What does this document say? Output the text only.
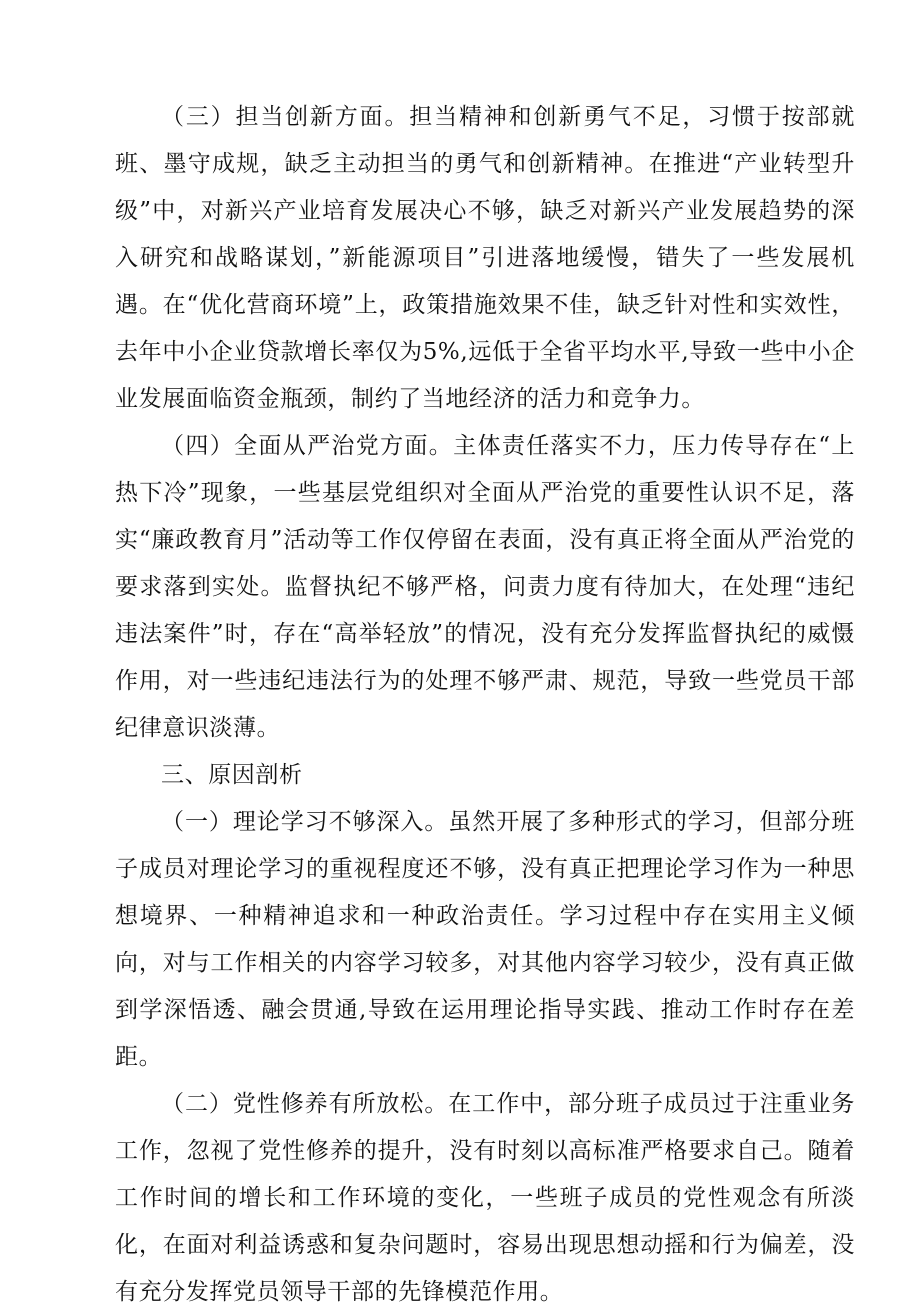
（三）担当创新方面。担当精神和创新勇气不足，习惯于按部就班、墨守成规，缺乏主动担当的勇气和创新精神。在推进“产业转型升级”中，对新兴产业培育发展决心不够，缺乏对新兴产业发展趋势的深入研究和战略谋划，”新能源项目”引进落地缓慢，错失了一些发展机遇。在“优化营商环境”上，政策措施效果不佳，缺乏针对性和实效性，去年中小企业贷款增长率仅为5%,远低于全省平均水平,导致一些中小企业发展面临资金瓶颈，制约了当地经济的活力和竞争力。

（四）全面从严治党方面。主体责任落实不力，压力传导存在“上热下冷”现象，一些基层党组织对全面从严治党的重要性认识不足，落实“廉政教育月”活动等工作仅停留在表面，没有真正将全面从严治党的要求落到实处。监督执纪不够严格，问责力度有待加大，在处理“违纪违法案件”时，存在“高举轻放”的情况，没有充分发挥监督执纪的威慑作用，对一些违纪违法行为的处理不够严肃、规范，导致一些党员干部纪律意识淡薄。

三、原因剖析

（一）理论学习不够深入。虽然开展了多种形式的学习，但部分班子成员对理论学习的重视程度还不够，没有真正把理论学习作为一种思想境界、一种精神追求和一种政治责任。学习过程中存在实用主义倾向，对与工作相关的内容学习较多，对其他内容学习较少，没有真正做到学深悟透、融会贯通,导致在运用理论指导实践、推动工作时存在差距。

（二）党性修养有所放松。在工作中，部分班子成员过于注重业务工作，忽视了党性修养的提升，没有时刻以高标准严格要求自己。随着工作时间的增长和工作环境的变化，一些班子成员的党性观念有所淡化，在面对利益诱惑和复杂问题时，容易出现思想动摇和行为偏差，没有充分发挥党员领导干部的先锋模范作用。
